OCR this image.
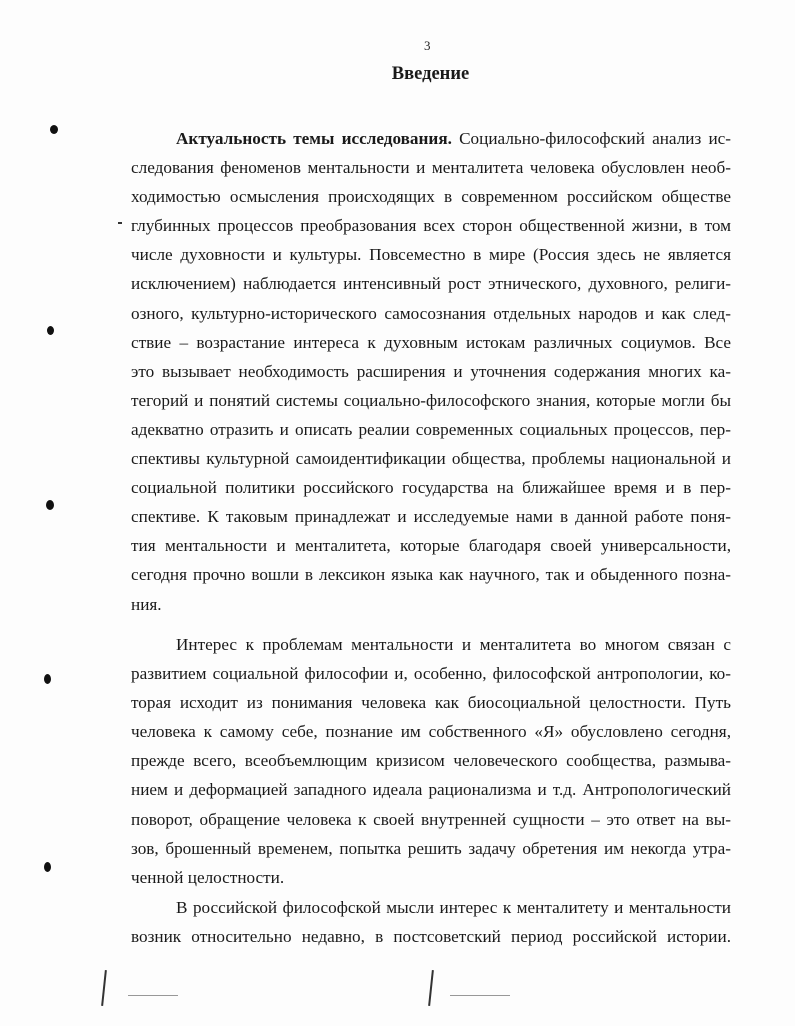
3
Введение
Актуальность темы исследования. Социально-философский анализ ис-
следования феноменов ментальности и менталитета человека обусловлен необ-
ходимостью осмысления происходящих в современном российском обществе
глубинных процессов преобразования всех сторон общественной жизни, в том
числе духовности и культуры. Повсеместно в мире (Россия здесь не является
исключением) наблюдается интенсивный рост этнического, духовного, религи-
озного, культурно-исторического самосознания отдельных народов и как след-
ствие – возрастание интереса к духовным истокам различных социумов. Все
это вызывает необходимость расширения и уточнения содержания многих ка-
тегорий и понятий системы социально-философского знания, которые могли бы
адекватно отразить и описать реалии современных социальных процессов, пер-
спективы культурной самоидентификации общества, проблемы национальной и
социальной политики российского государства на ближайшее время и в пер-
спективе. К таковым принадлежат и исследуемые нами в данной работе поня-
тия ментальности и менталитета, которые благодаря своей универсальности,
сегодня прочно вошли в лексикон языка как научного, так и обыденного позна-
ния.
Интерес к проблемам ментальности и менталитета во многом связан с
развитием социальной философии и, особенно, философской антропологии, ко-
торая исходит из понимания человека как биосоциальной целостности. Путь
человека к самому себе, познание им собственного «Я» обусловлено сегодня,
прежде всего, всеобъемлющим кризисом человеческого сообщества, размыва-
нием и деформацией западного идеала рационализма и т.д. Антропологический
поворот, обращение человека к своей внутренней сущности – это ответ на вы-
зов, брошенный временем, попытка решить задачу обретения им некогда утра-
ченной целостности.
В российской философской мысли интерес к менталитету и ментальности
возник относительно недавно, в постсоветский период российской истории.
